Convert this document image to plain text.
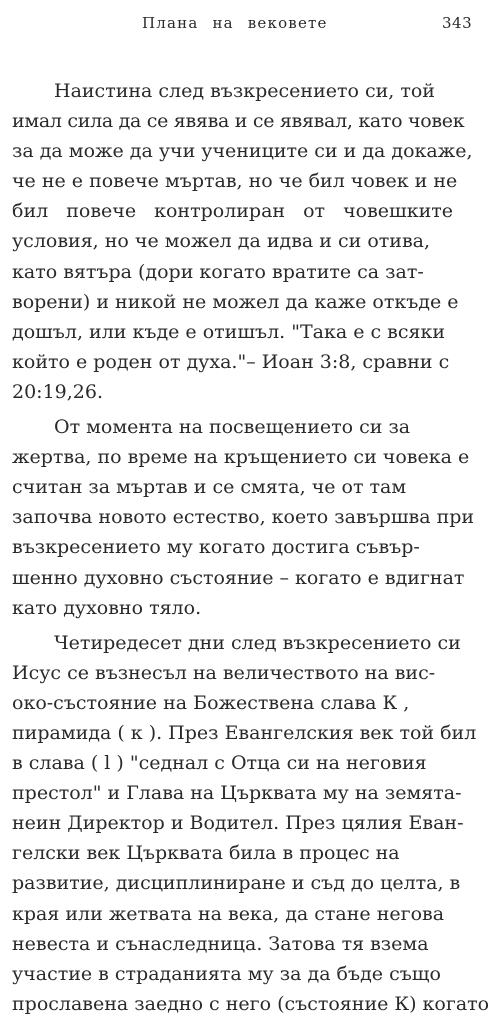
Плана на вековете	343
Наистина след възкресението си, той
имал сила да се явява и се явявал, като човек
за да може да учи учениците си и да докаже,
че не е повече мъртав, но че бил човек и не
бил повече контролиран от човешките
условия, но че можел да идва и си отива,
като вятъра (дори когато вратите са зат-
ворени) и никой не можел да каже откъде е
дошъл, или къде е отишъл. "Така е с всяки
който е роден от духа."– Иоан 3:8, сравни с
20:19,26.
От момента на посвещението си за
жертва, по време на кръщението си човека е
считан за мъртав и се смята, че от там
започва новото естество, което завършва при
възкресението му когато достига съвър-
шенно духовно състояние – когато е вдигнат
като духовно тяло.
Четиредесет дни след възкресението си
Исус се възнесъл на величеството на вис-
око-състояние на Божествена слава К ,
пирамида ( к ). През Евангелския век той бил
в слава ( l ) "седнал с Отца си на неговия
престол" и Глава на Църквата му на земята-
неин Директор и Водител. През цялия Еван-
гелски век Църквата била в процес на
развитие, дисциплиниране и съд до целта, в
края или жетвата на века, да стане негова
невеста и сънаследница. Затова тя взема
участие в страданията му за да бъде също
прославена заедно с него (състояние К) когато
